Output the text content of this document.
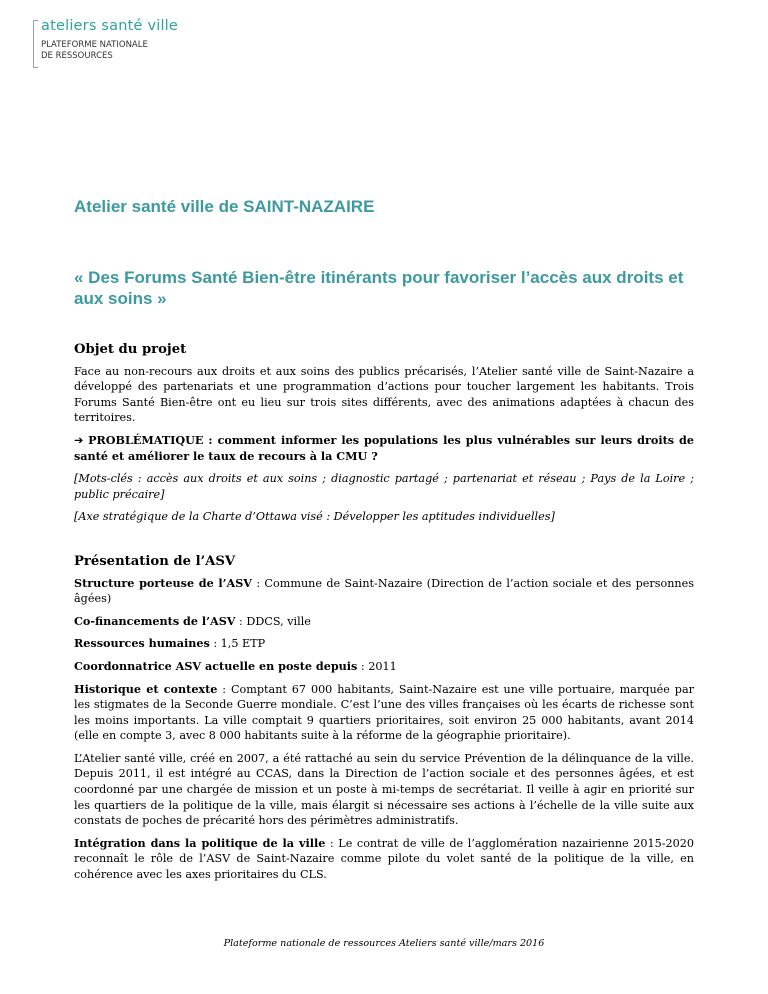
ateliers santé ville
PLATEFORME NATIONALE
DE RESSOURCES
Atelier santé ville de SAINT-NAZAIRE
« Des Forums Santé Bien-être itinérants pour favoriser l’accès aux droits et aux soins »
Objet du projet

Face au non-recours aux droits et aux soins des publics précarisés, l’Atelier santé ville de Saint-Nazaire a développé des partenariats et une programmation d’actions pour toucher largement les habitants. Trois Forums Santé Bien-être ont eu lieu sur trois sites différents, avec des animations adaptées à chacun des territoires.

➔ PROBLÉMATIQUE : comment informer les populations les plus vulnérables sur leurs droits de santé et améliorer le taux de recours à la CMU ?

[Mots-clés : accès aux droits et aux soins ; diagnostic partagé ; partenariat et réseau ; Pays de la Loire ; public précaire]

[Axe stratégique de la Charte d’Ottawa visé : Développer les aptitudes individuelles]

Présentation de l’ASV

Structure porteuse de l’ASV : Commune de Saint-Nazaire (Direction de l’action sociale et des personnes âgées)

Co-financements de l’ASV : DDCS, ville

Ressources humaines : 1,5 ETP

Coordonnatrice ASV actuelle en poste depuis : 2011

Historique et contexte : Comptant 67 000 habitants, Saint-Nazaire est une ville portuaire, marquée par les stigmates de la Seconde Guerre mondiale. C’est l’une des villes françaises où les écarts de richesse sont les moins importants. La ville comptait 9 quartiers prioritaires, soit environ 25 000 habitants, avant 2014 (elle en compte 3, avec 8 000 habitants suite à la réforme de la géographie prioritaire).

L’Atelier santé ville, créé en 2007, a été rattaché au sein du service Prévention de la délinquance de la ville. Depuis 2011, il est intégré au CCAS, dans la Direction de l’action sociale et des personnes âgées, et est coordonné par une chargée de mission et un poste à mi-temps de secrétariat. Il veille à agir en priorité sur les quartiers de la politique de la ville, mais élargit si nécessaire ses actions à l’échelle de la ville suite aux constats de poches de précarité hors des périmètres administratifs.

Intégration dans la politique de la ville : Le contrat de ville de l’agglomération nazairienne 2015-2020 reconnaît le rôle de l’ASV de Saint-Nazaire comme pilote du volet santé de la politique de la ville, en cohérence avec les axes prioritaires du CLS.

Plateforme nationale de ressources Ateliers santé ville/mars 2016
